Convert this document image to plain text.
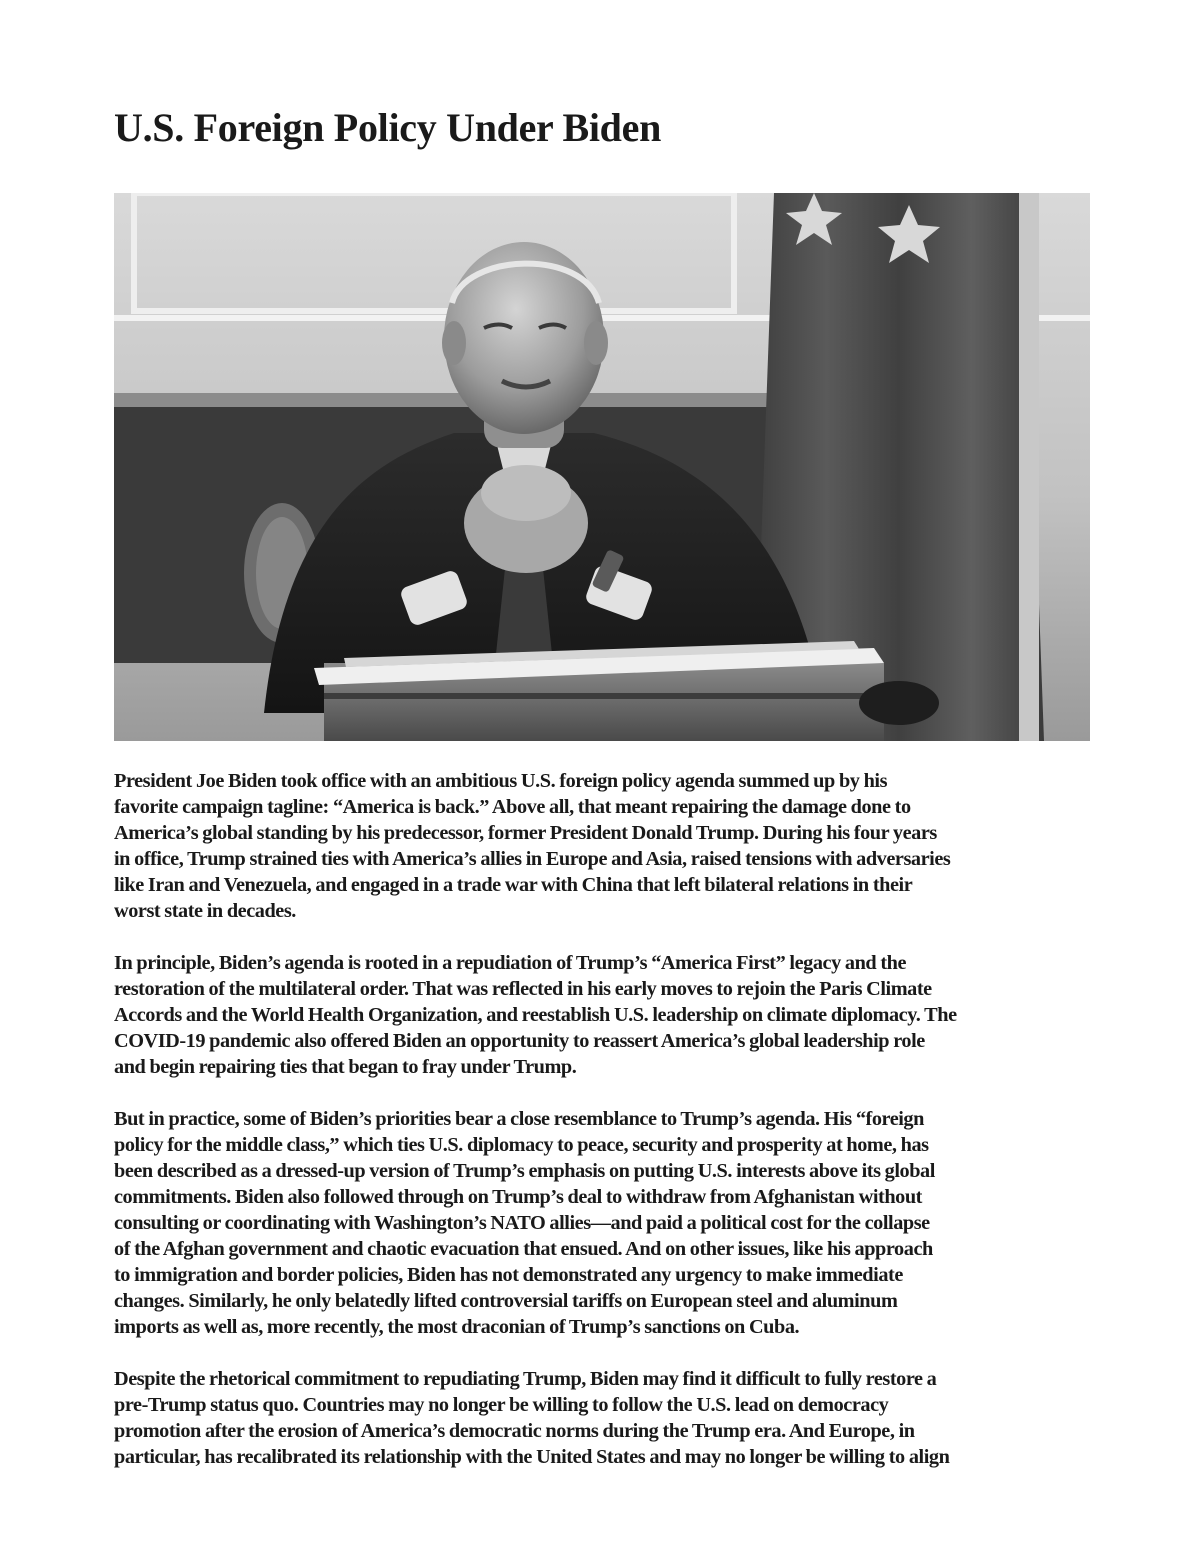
U.S. Foreign Policy Under Biden

President Joe Biden took office with an ambitious U.S. foreign policy agenda summed up by his
favorite campaign tagline: “America is back.” Above all, that meant repairing the damage done to
America’s global standing by his predecessor, former President Donald Trump. During his four years
in office, Trump strained ties with America’s allies in Europe and Asia, raised tensions with adversaries
like Iran and Venezuela, and engaged in a trade war with China that left bilateral relations in their
worst state in decades.

In principle, Biden’s agenda is rooted in a repudiation of Trump’s “America First” legacy and the
restoration of the multilateral order. That was reflected in his early moves to rejoin the Paris Climate
Accords and the World Health Organization, and reestablish U.S. leadership on climate diplomacy. The
COVID-19 pandemic also offered Biden an opportunity to reassert America’s global leadership role
and begin repairing ties that began to fray under Trump.

But in practice, some of Biden’s priorities bear a close resemblance to Trump’s agenda. His “foreign
policy for the middle class,” which ties U.S. diplomacy to peace, security and prosperity at home, has
been described as a dressed-up version of Trump’s emphasis on putting U.S. interests above its global
commitments. Biden also followed through on Trump’s deal to withdraw from Afghanistan without
consulting or coordinating with Washington’s NATO allies—and paid a political cost for the collapse
of the Afghan government and chaotic evacuation that ensued. And on other issues, like his approach
to immigration and border policies, Biden has not demonstrated any urgency to make immediate
changes. Similarly, he only belatedly lifted controversial tariffs on European steel and aluminum
imports as well as, more recently, the most draconian of Trump’s sanctions on Cuba.

Despite the rhetorical commitment to repudiating Trump, Biden may find it difficult to fully restore a
pre-Trump status quo. Countries may no longer be willing to follow the U.S. lead on democracy
promotion after the erosion of America’s democratic norms during the Trump era. And Europe, in
particular, has recalibrated its relationship with the United States and may no longer be willing to align
